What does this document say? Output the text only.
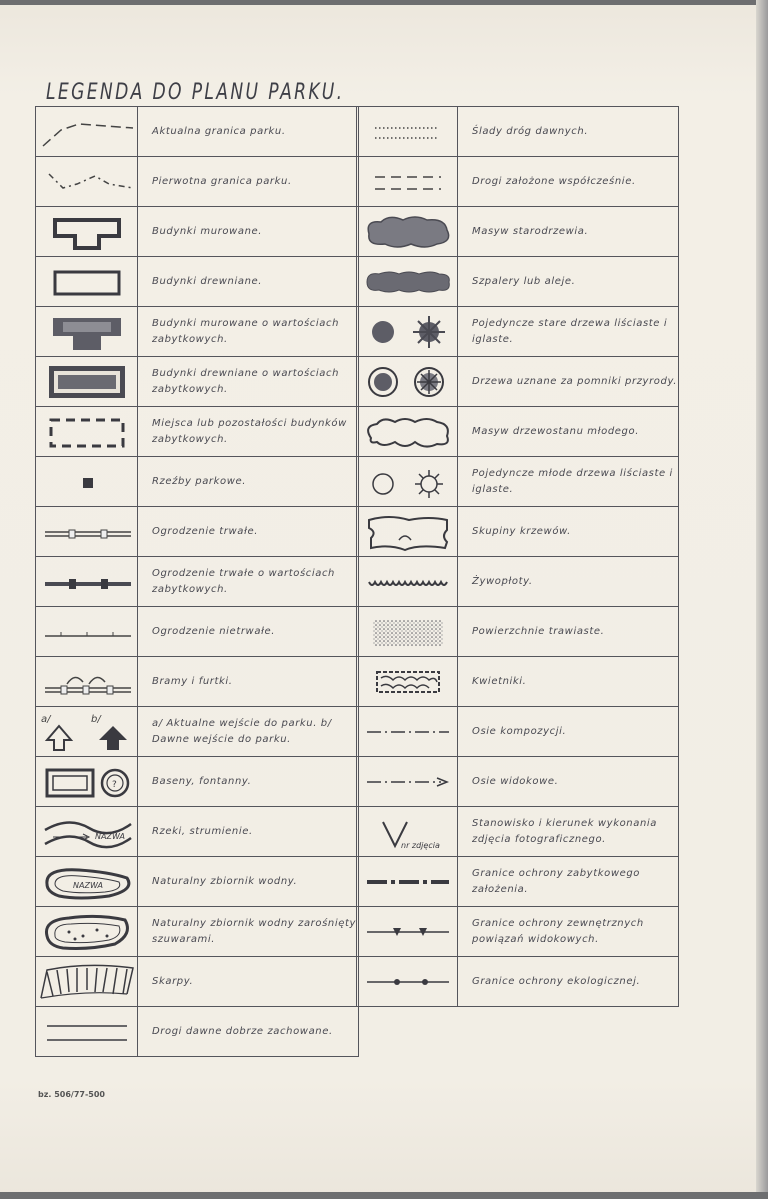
LEGENDA DO PLANU PARKU.
	Aktualna granica parku.

	Pierwotna granica parku.

	Budynki murowane.

	Budynki drewniane.

	Budynki murowane o wartościach zabytkowych.

	Budynki drewniane o wartościach zabytkowych.

	Miejsca lub pozostałości budynków zabytkowych.

	Rzeźby parkowe.

	Ogrodzenie trwałe.

	Ogrodzenie trwałe o wartościach zabytkowych.

	Ogrodzenie nietrwałe.

	Bramy i furtki.

a/ b/	a/ Aktualne wejście do parku. b/ Dawne wejście do parku.

?	Baseny, fontanny.

NAZWA	Rzeki, strumienie.

NAZWA	Naturalny zbiornik wodny.

	Naturalny zbiornik wodny zarośnięty szuwarami.

	Skarpy.

	Drogi dawne dobrze zachowane.
	Ślady dróg dawnych.

	Drogi założone współcześnie.

	Masyw starodrzewia.

	Szpalery lub aleje.

	Pojedyncze stare drzewa liściaste i iglaste.

	Drzewa uznane za pomniki przyrody.

	Masyw drzewostanu młodego.

	Pojedyncze młode drzewa liściaste i iglaste.

	Skupiny krzewów.

	Żywopłoty.

	Powierzchnie trawiaste.

	Kwietniki.

	Osie kompozycji.

	Osie widokowe.

nr zdjęcia	Stanowisko i kierunek wykonania zdjęcia fotograficznego.

	Granice ochrony zabytkowego założenia.

	Granice ochrony zewnętrznych powiązań widokowych.

	Granice ochrony ekologicznej.
bz. 506/77-500
